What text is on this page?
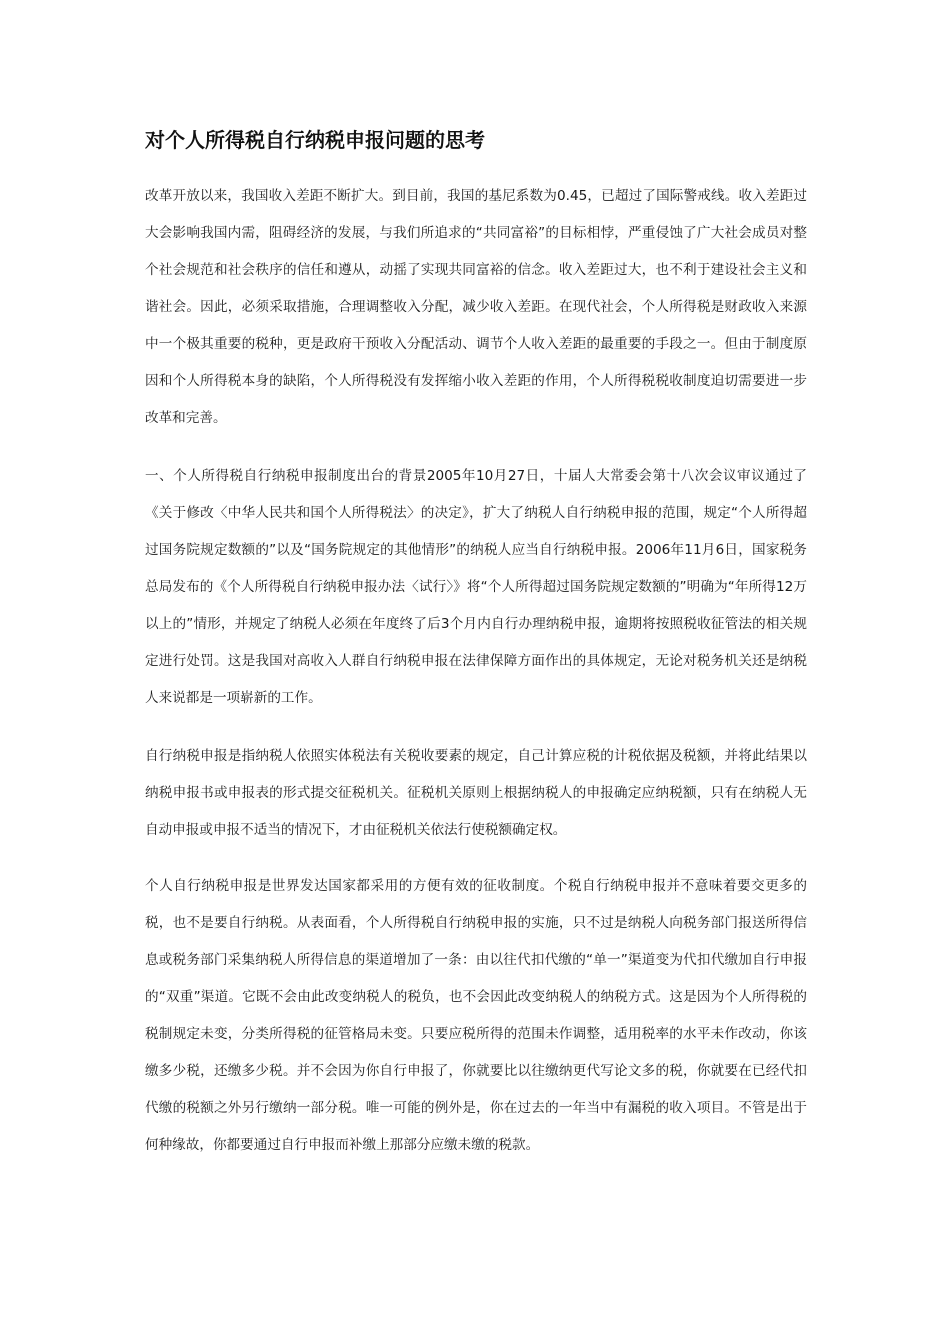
对个人所得税自行纳税申报问题的思考

改革开放以来，我国收入差距不断扩大。到目前，我国的基尼系数为0.45，已超过了国际警戒线。收入差距过大会影响我国内需，阻碍经济的发展，与我们所追求的“共同富裕”的目标相悖，严重侵蚀了广大社会成员对整个社会规范和社会秩序的信任和遵从，动摇了实现共同富裕的信念。收入差距过大，也不利于建设社会主义和谐社会。因此，必须采取措施，合理调整收入分配，减少收入差距。在现代社会，个人所得税是财政收入来源中一个极其重要的税种，更是政府干预收入分配活动、调节个人收入差距的最重要的手段之一。但由于制度原因和个人所得税本身的缺陷，个人所得税没有发挥缩小收入差距的作用，个人所得税税收制度迫切需要进一步改革和完善。

一、个人所得税自行纳税申报制度出台的背景2005年10月27日，十届人大常委会第十八次会议审议通过了《关于修改〈中华人民共和国个人所得税法〉的决定》，扩大了纳税人自行纳税申报的范围，规定“个人所得超过国务院规定数额的”以及“国务院规定的其他情形”的纳税人应当自行纳税申报。2006年11月6日，国家税务总局发布的《个人所得税自行纳税申报办法〈试行〉》将“个人所得超过国务院规定数额的”明确为“年所得12万以上的”情形，并规定了纳税人必须在年度终了后3个月内自行办理纳税申报，逾期将按照税收征管法的相关规定进行处罚。这是我国对高收入人群自行纳税申报在法律保障方面作出的具体规定，无论对税务机关还是纳税人来说都是一项崭新的工作。

自行纳税申报是指纳税人依照实体税法有关税收要素的规定，自己计算应税的计税依据及税额，并将此结果以纳税申报书或申报表的形式提交征税机关。征税机关原则上根据纳税人的申报确定应纳税额，只有在纳税人无自动申报或申报不适当的情况下，才由征税机关依法行使税额确定权。

个人自行纳税申报是世界发达国家都采用的方便有效的征收制度。个税自行纳税申报并不意味着要交更多的税，也不是要自行纳税。从表面看，个人所得税自行纳税申报的实施，只不过是纳税人向税务部门报送所得信息或税务部门采集纳税人所得信息的渠道增加了一条：由以往代扣代缴的“单一”渠道变为代扣代缴加自行申报的“双重”渠道。它既不会由此改变纳税人的税负，也不会因此改变纳税人的纳税方式。这是因为个人所得税的税制规定未变，分类所得税的征管格局未变。只要应税所得的范围未作调整，适用税率的水平未作改动，你该缴多少税，还缴多少税。并不会因为你自行申报了，你就要比以往缴纳更代写论文多的税，你就要在已经代扣代缴的税额之外另行缴纳一部分税。唯一可能的例外是，你在过去的一年当中有漏税的收入项目。不管是出于何种缘故，你都要通过自行申报而补缴上那部分应缴未缴的税款。
